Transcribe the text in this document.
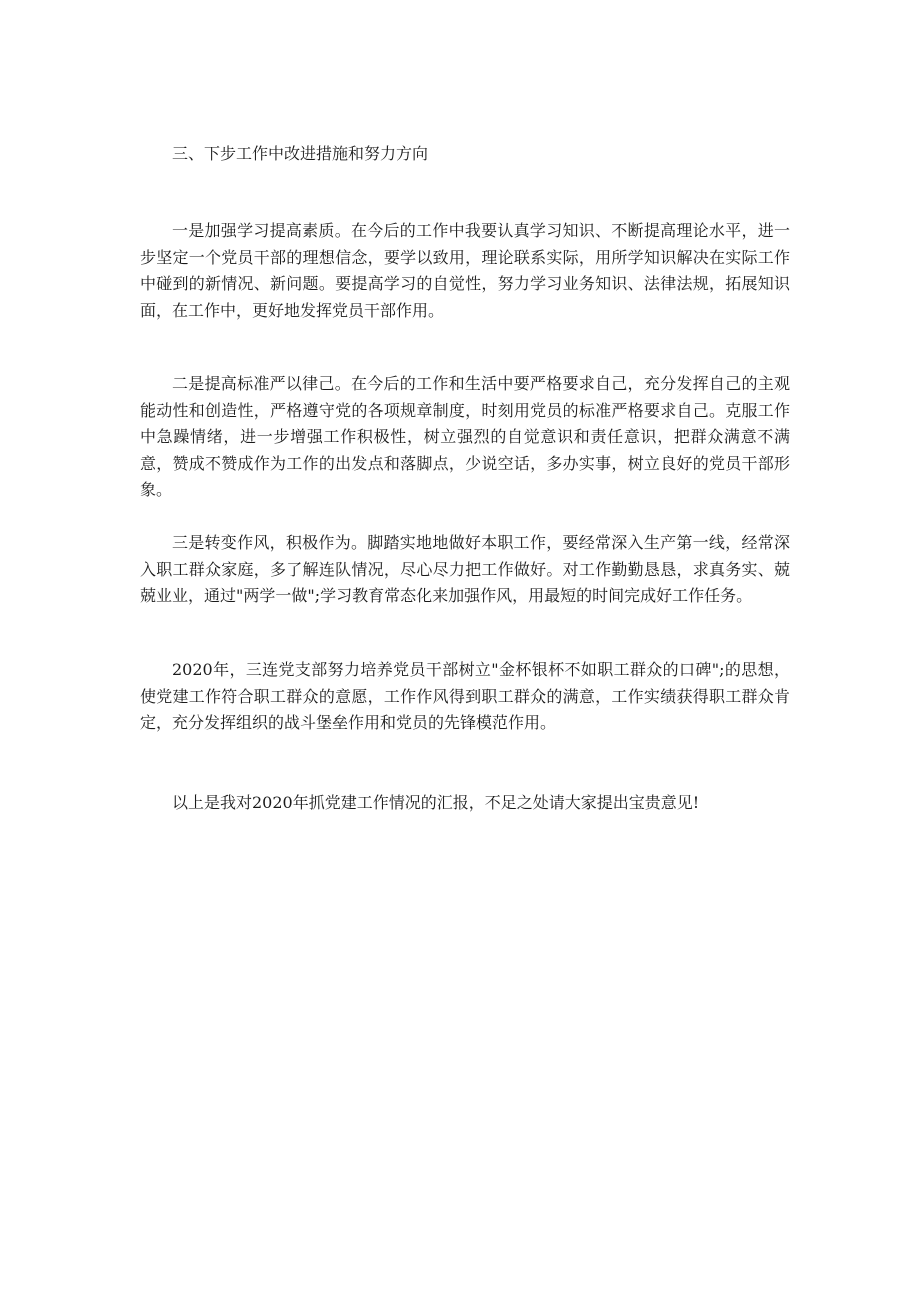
三、下步工作中改进措施和努力方向

一是加强学习提高素质。在今后的工作中我要认真学习知识、不断提高理论水平，进一步坚定一个党员干部的理想信念，要学以致用，理论联系实际，用所学知识解决在实际工作中碰到的新情况、新问题。要提高学习的自觉性，努力学习业务知识、法律法规，拓展知识面，在工作中，更好地发挥党员干部作用。

二是提高标准严以律己。在今后的工作和生活中要严格要求自己，充分发挥自己的主观能动性和创造性，严格遵守党的各项规章制度，时刻用党员的标准严格要求自己。克服工作中急躁情绪，进一步增强工作积极性，树立强烈的自觉意识和责任意识，把群众满意不满意，赞成不赞成作为工作的出发点和落脚点，少说空话，多办实事，树立良好的党员干部形象。

三是转变作风，积极作为。脚踏实地地做好本职工作，要经常深入生产第一线，经常深入职工群众家庭，多了解连队情况，尽心尽力把工作做好。对工作勤勤恳恳，求真务实、兢兢业业，通过"两学一做";学习教育常态化来加强作风，用最短的时间完成好工作任务。

2020年，三连党支部努力培养党员干部树立"金杯银杯不如职工群众的口碑";的思想，使党建工作符合职工群众的意愿，工作作风得到职工群众的满意，工作实绩获得职工群众肯定，充分发挥组织的战斗堡垒作用和党员的先锋模范作用。

以上是我对2020年抓党建工作情况的汇报，不足之处请大家提出宝贵意见!
